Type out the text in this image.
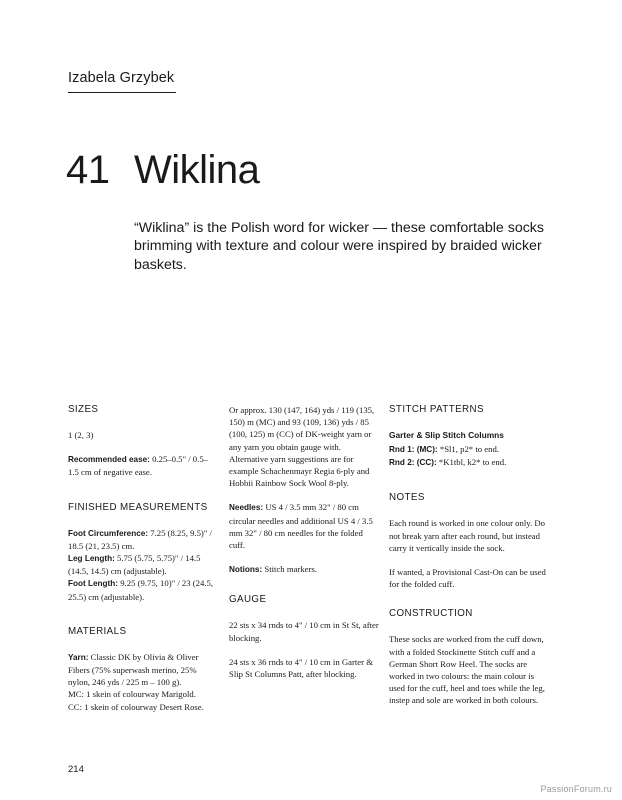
Izabela Grzybek
41 Wiklina
“Wiklina” is the Polish word for wicker — these comfortable socks brimming with texture and colour were inspired by braided wicker baskets.
SIZES
1 (2, 3)
Recommended ease: 0.25–0.5" / 0.5–1.5 cm of negative ease.
FINISHED MEASUREMENTS
Foot Circumference: 7.25 (8.25, 9.5)" / 18.5 (21, 23.5) cm.
Leg Length: 5.75 (5.75, 5.75)" / 14.5 (14.5, 14.5) cm (adjustable).
Foot Length: 9.25 (9.75, 10)" / 23 (24.5, 25.5) cm (adjustable).
MATERIALS
Yarn: Classic DK by Olivia & Oliver Fibers (75% superwash merino, 25% nylon, 246 yds / 225 m – 100 g).
MC: 1 skein of colourway Marigold.
CC: 1 skein of colourway Desert Rose.
Or approx. 130 (147, 164) yds / 119 (135, 150) m (MC) and 93 (109, 136) yds / 85 (100, 125) m (CC) of DK-weight yarn or any yarn you obtain gauge with. Alternative yarn suggestions are for example Schachenmayr Regia 6-ply and Hobbii Rainbow Sock Wool 8-ply.
Needles: US 4 / 3.5 mm 32" / 80 cm circular needles and additional US 4 / 3.5 mm 32" / 80 cm needles for the folded cuff.
Notions: Stitch markers.
GAUGE
22 sts x 34 rnds to 4" / 10 cm in St St, after blocking.
24 sts x 36 rnds to 4" / 10 cm in Garter & Slip St Columns Patt, after blocking.
STITCH PATTERNS
Garter & Slip Stitch Columns
Rnd 1: (MC): *Sl1, p2* to end.
Rnd 2: (CC): *K1tbl, k2* to end.
NOTES
Each round is worked in one colour only. Do not break yarn after each round, but instead carry it vertically inside the sock.
If wanted, a Provisional Cast-On can be used for the folded cuff.
CONSTRUCTION
These socks are worked from the cuff down, with a folded Stockinette Stitch cuff and a German Short Row Heel. The socks are worked in two colours: the main colour is used for the cuff, heel and toes while the leg, instep and sole are worked in both colours.
214
PassionForum.ru
